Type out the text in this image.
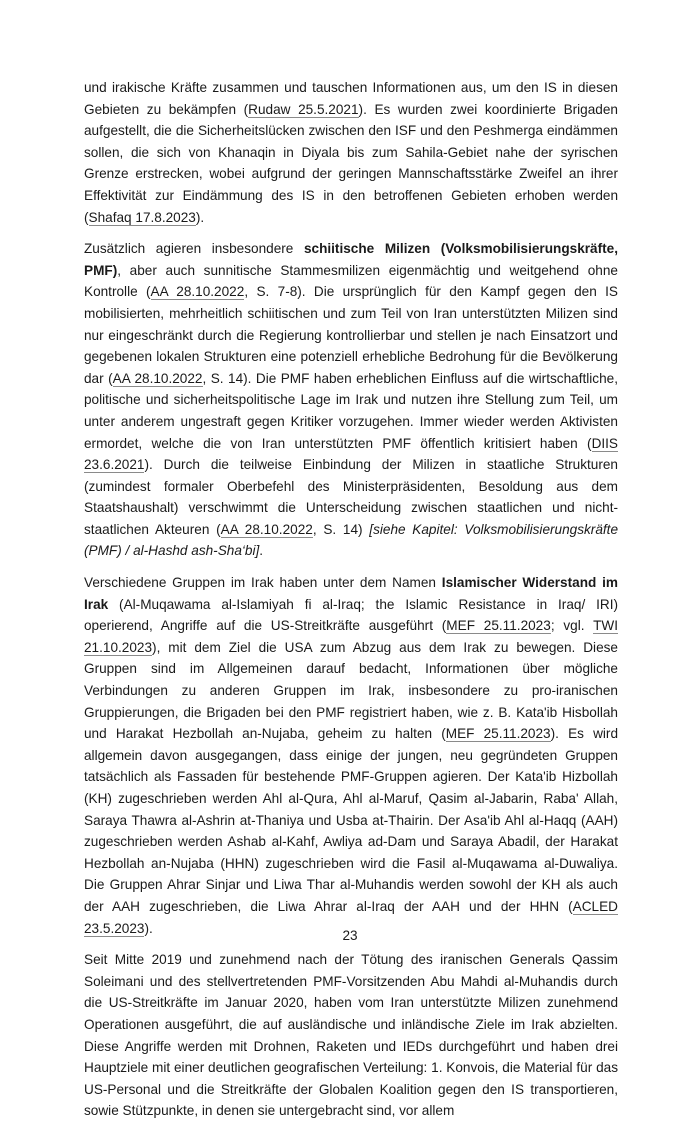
und irakische Kräfte zusammen und tauschen Informationen aus, um den IS in diesen Gebieten zu bekämpfen (Rudaw 25.5.2021). Es wurden zwei koordinierte Brigaden aufgestellt, die die Sicherheitslücken zwischen den ISF und den Peshmerga eindämmen sollen, die sich von Khanaqin in Diyala bis zum Sahila-Gebiet nahe der syrischen Grenze erstrecken, wobei aufgrund der geringen Mannschaftsstärke Zweifel an ihrer Effektivität zur Eindämmung des IS in den betroffenen Gebieten erhoben werden (Shafaq 17.8.2023).

Zusätzlich agieren insbesondere schiitische Milizen (Volksmobilisierungskräfte, PMF), aber auch sunnitische Stammesmilizen eigenmächtig und weitgehend ohne Kontrolle (AA 28.10.2022, S. 7-8). Die ursprünglich für den Kampf gegen den IS mobilisierten, mehrheitlich schiitischen und zum Teil von Iran unterstützten Milizen sind nur eingeschränkt durch die Regierung kontrollierbar und stellen je nach Einsatzort und gegebenen lokalen Strukturen eine potenziell erhebliche Bedrohung für die Bevölkerung dar (AA 28.10.2022, S. 14). Die PMF haben erheblichen Einfluss auf die wirtschaftliche, politische und sicherheitspolitische Lage im Irak und nutzen ihre Stellung zum Teil, um unter anderem ungestraft gegen Kritiker vorzugehen. Immer wieder werden Aktivisten ermordet, welche die von Iran unterstützten PMF öffentlich kritisiert haben (DIIS 23.6.2021). Durch die teilweise Einbindung der Milizen in staatliche Strukturen (zumindest formaler Oberbefehl des Ministerpräsidenten, Besoldung aus dem Staatshaushalt) verschwimmt die Unterscheidung zwischen staatlichen und nicht-staatlichen Akteuren (AA 28.10.2022, S. 14) [siehe Kapitel: Volksmobilisierungskräfte (PMF) / al-Hashd ash-Sha‘bi].

Verschiedene Gruppen im Irak haben unter dem Namen Islamischer Widerstand im Irak (Al-Muqawama al-Islamiyah fi al-Iraq; the Islamic Resistance in Iraq/ IRI) operierend, Angriffe auf die US-Streitkräfte ausgeführt (MEF 25.11.2023; vgl. TWI 21.10.2023), mit dem Ziel die USA zum Abzug aus dem Irak zu bewegen. Diese Gruppen sind im Allgemeinen darauf bedacht, Informationen über mögliche Verbindungen zu anderen Gruppen im Irak, insbesondere zu pro-iranischen Gruppierungen, die Brigaden bei den PMF registriert haben, wie z. B. Kata'ib Hisbollah und Harakat Hezbollah an-Nujaba, geheim zu halten (MEF 25.11.2023). Es wird allgemein davon ausgegangen, dass einige der jungen, neu gegründeten Gruppen tatsächlich als Fassaden für bestehende PMF-Gruppen agieren. Der Kata'ib Hizbollah (KH) zugeschrieben werden Ahl al-Qura, Ahl al-Maruf, Qasim al-Jabarin, Raba' Allah, Saraya Thawra al-Ashrin at-Thaniya und Usba at-Thairin. Der Asa'ib Ahl al-Haqq (AAH) zugeschrieben werden Ashab al-Kahf, Awliya ad-Dam und Saraya Abadil, der Harakat Hezbollah an-Nujaba (HHN) zugeschrieben wird die Fasil al-Muqawama al-Duwaliya. Die Gruppen Ahrar Sinjar und Liwa Thar al-Muhandis werden sowohl der KH als auch der AAH zugeschrieben, die Liwa Ahrar al-Iraq der AAH und der HHN (ACLED 23.5.2023).

Seit Mitte 2019 und zunehmend nach der Tötung des iranischen Generals Qassim Soleimani und des stellvertretenden PMF-Vorsitzenden Abu Mahdi al-Muhandis durch die US-Streitkräfte im Januar 2020, haben vom Iran unterstützte Milizen zunehmend Operationen ausgeführt, die auf ausländische und inländische Ziele im Irak abzielten. Diese Angriffe werden mit Drohnen, Raketen und IEDs durchgeführt und haben drei Hauptziele mit einer deutlichen geografischen Verteilung: 1. Konvois, die Material für das US-Personal und die Streitkräfte der Globalen Koalition gegen den IS transportieren, sowie Stützpunkte, in denen sie untergebracht sind, vor allem

23
